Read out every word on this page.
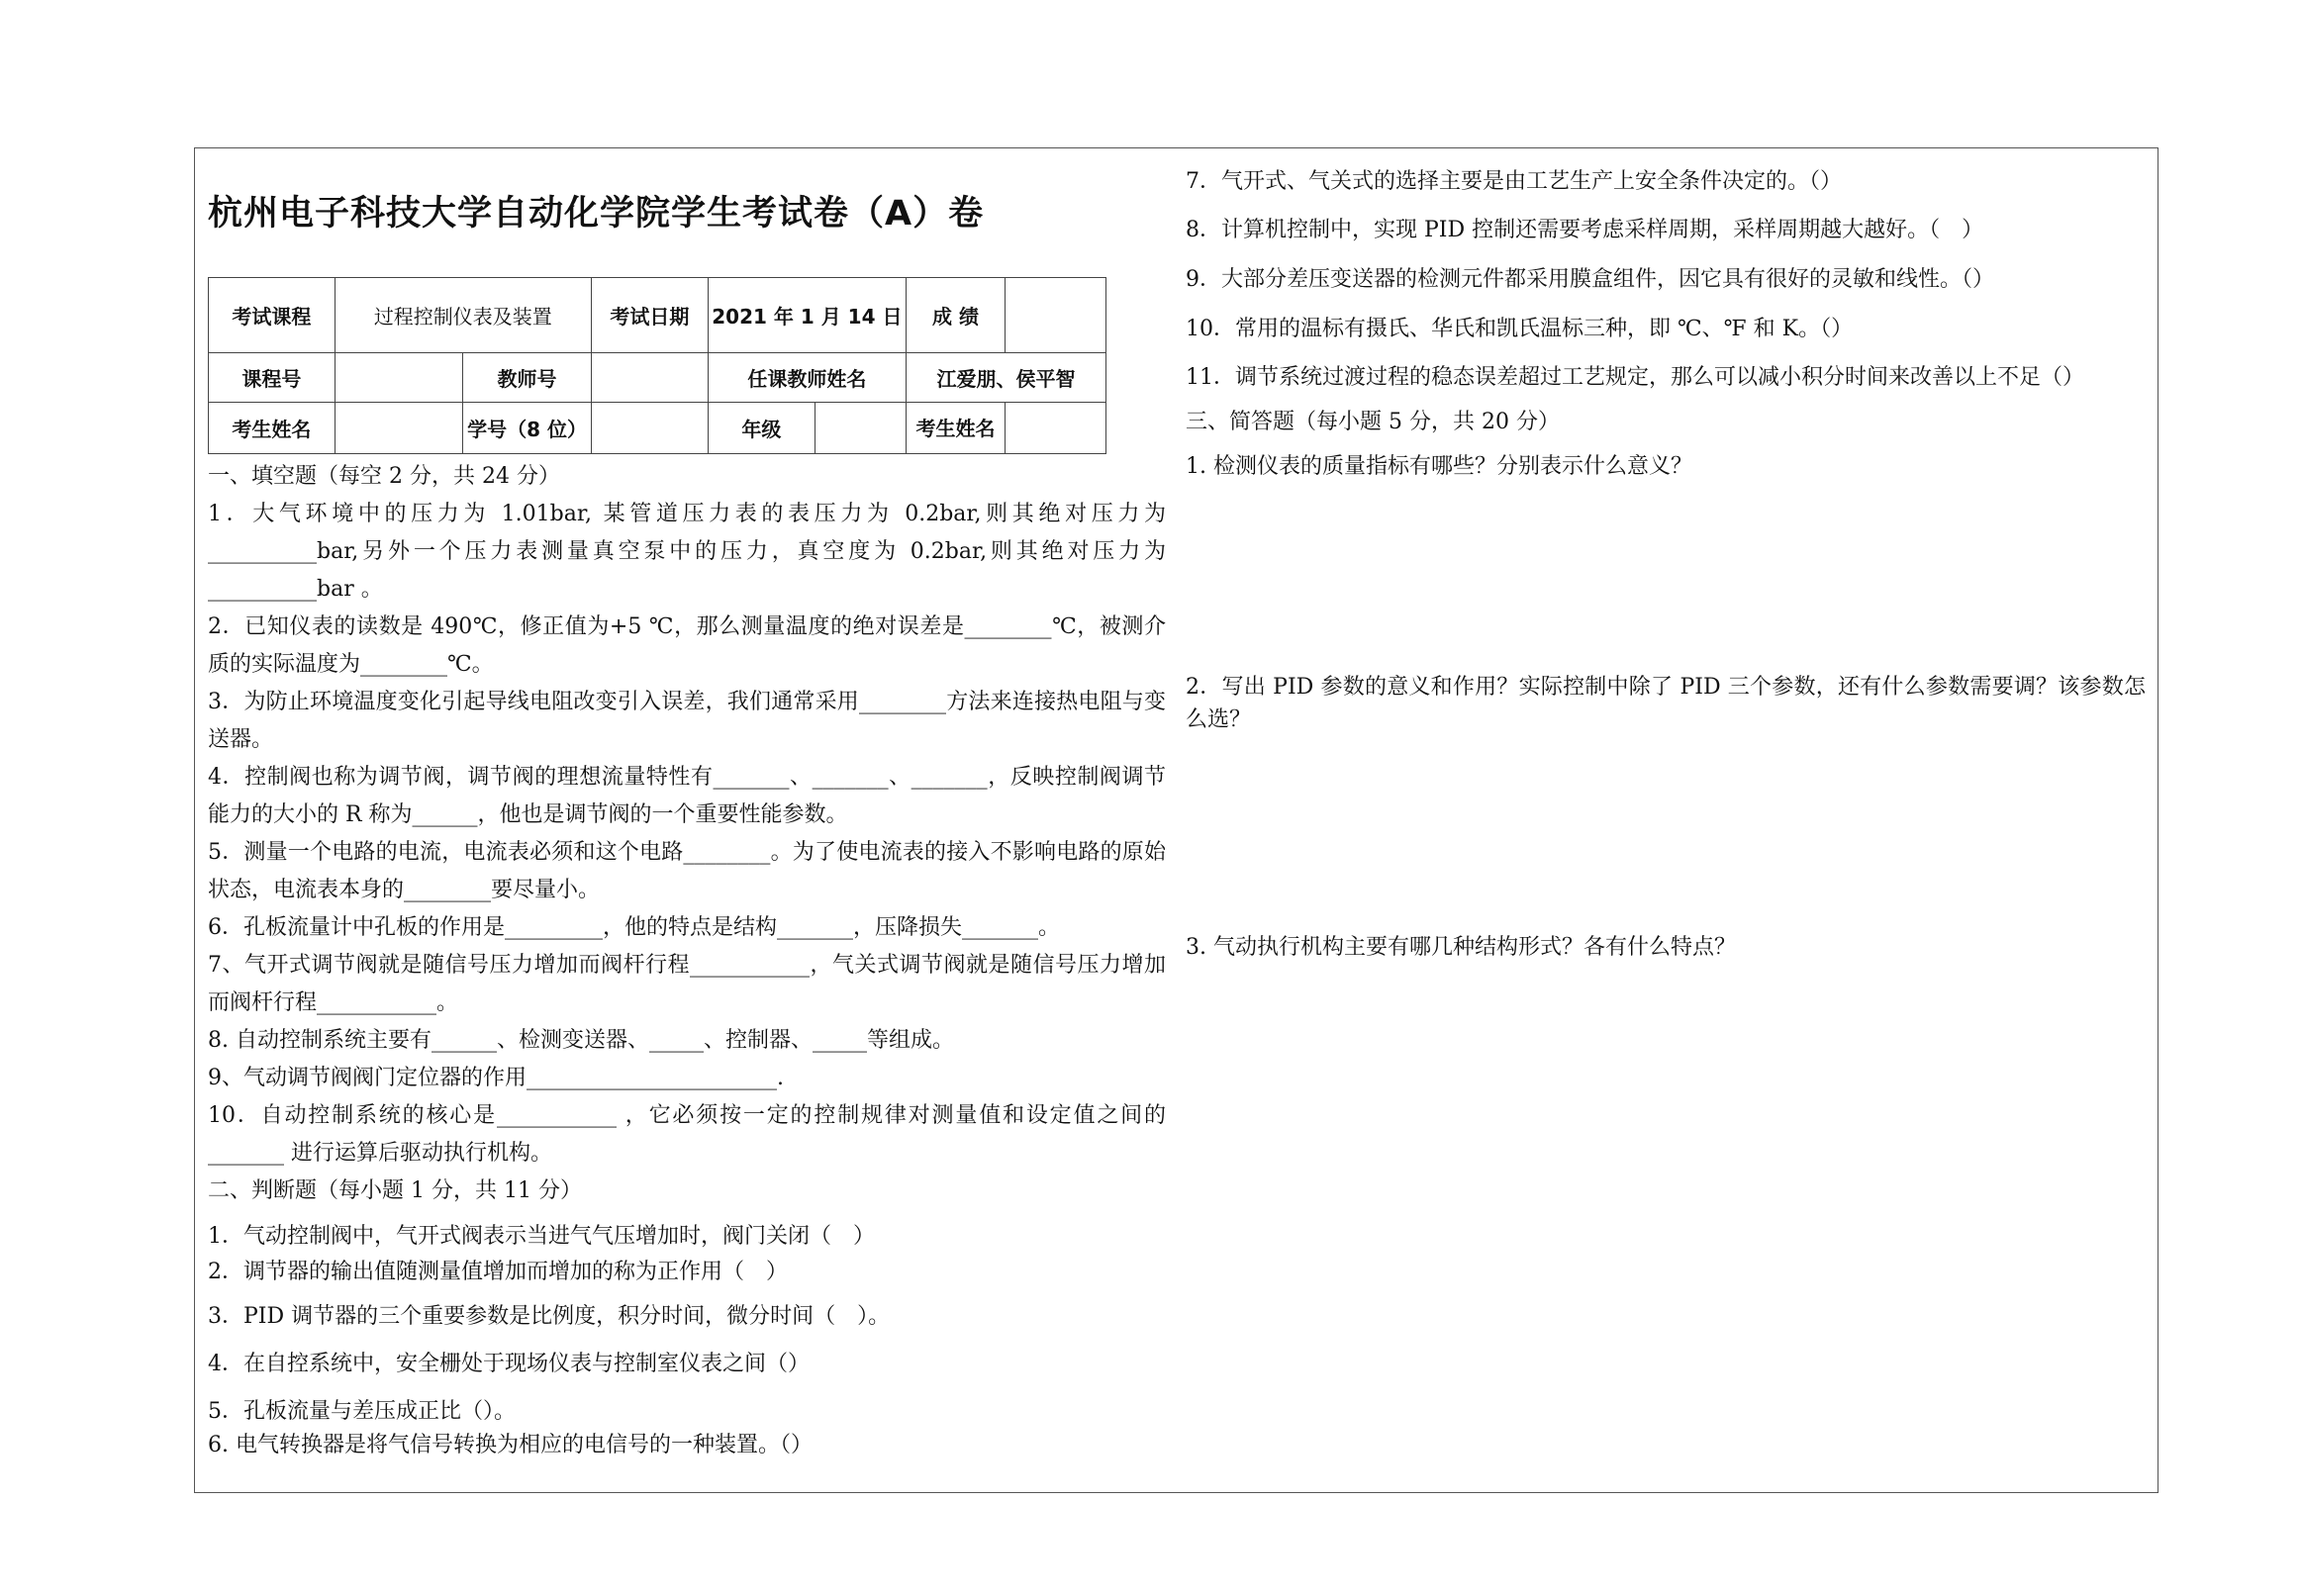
杭州电子科技大学自动化学院学生考试卷（A）卷
考试课程	过程控制仪表及装置		考试日期	2021 年 1 月 14 日		成 绩	
课程号		教师号		任课教师姓名		江爱朋、侯平智	
考生姓名		学号（8 位）		年级		考生姓名	

一、填空题（每空 2 分，共 24 分）

1．大气环境中的压力为 1.01bar, 某管道压力表的表压力为 0.2bar,则其绝对压力为__________bar,另外一个压力表测量真空泵中的压力，真空度为 0.2bar,则其绝对压力为__________bar 。

2．已知仪表的读数是 490℃，修正值为+5 ℃，那么测量温度的绝对误差是________℃，被测介质的实际温度为________℃。

3．为防止环境温度变化引起导线电阻改变引入误差，我们通常采用________方法来连接热电阻与变送器。

4．控制阀也称为调节阀，调节阀的理想流量特性有_______、_______、_______，反映控制阀调节能力的大小的 R 称为______，他也是调节阀的一个重要性能参数。

5．测量一个电路的电流，电流表必须和这个电路________。为了使电流表的接入不影响电路的原始状态，电流表本身的________要尽量小。

6．孔板流量计中孔板的作用是_________，他的特点是结构_______，压降损失_______。

7、气开式调节阀就是随信号压力增加而阀杆行程___________，气关式调节阀就是随信号压力增加而阀杆行程___________。

8. 自动控制系统主要有______、检测变送器、_____、控制器、_____等组成。

9、气动调节阀阀门定位器的作用_______________________.

10．自动控制系统的核心是___________ ，它必须按一定的控制规律对测量值和设定值之间的_______ 进行运算后驱动执行机构。

二、判断题（每小题 1 分，共 11 分）

1．气动控制阀中，气开式阀表示当进气气压增加时，阀门关闭（　）

2．调节器的输出值随测量值增加而增加的称为正作用（　）

3．PID 调节器的三个重要参数是比例度，积分时间，微分时间（　）。

4．在自控系统中，安全栅处于现场仪表与控制室仪表之间（）

5．孔板流量与差压成正比（）。

6. 电气转换器是将气信号转换为相应的电信号的一种装置。（）

7．气开式、气关式的选择主要是由工艺生产上安全条件决定的。（）

8．计算机控制中，实现 PID 控制还需要考虑采样周期，采样周期越大越好。（　）

9．大部分差压变送器的检测元件都采用膜盒组件，因它具有很好的灵敏和线性。（）

10．常用的温标有摄氏、华氏和凯氏温标三种，即 ℃、℉ 和 K。（）

11．调节系统过渡过程的稳态误差超过工艺规定，那么可以减小积分时间来改善以上不足（）

三、简答题（每小题 5 分，共 20 分）

1. 检测仪表的质量指标有哪些？分别表示什么意义？

2．写出 PID 参数的意义和作用？实际控制中除了 PID 三个参数，还有什么参数需要调？该参数怎么选？

3. 气动执行机构主要有哪几种结构形式？各有什么特点？
